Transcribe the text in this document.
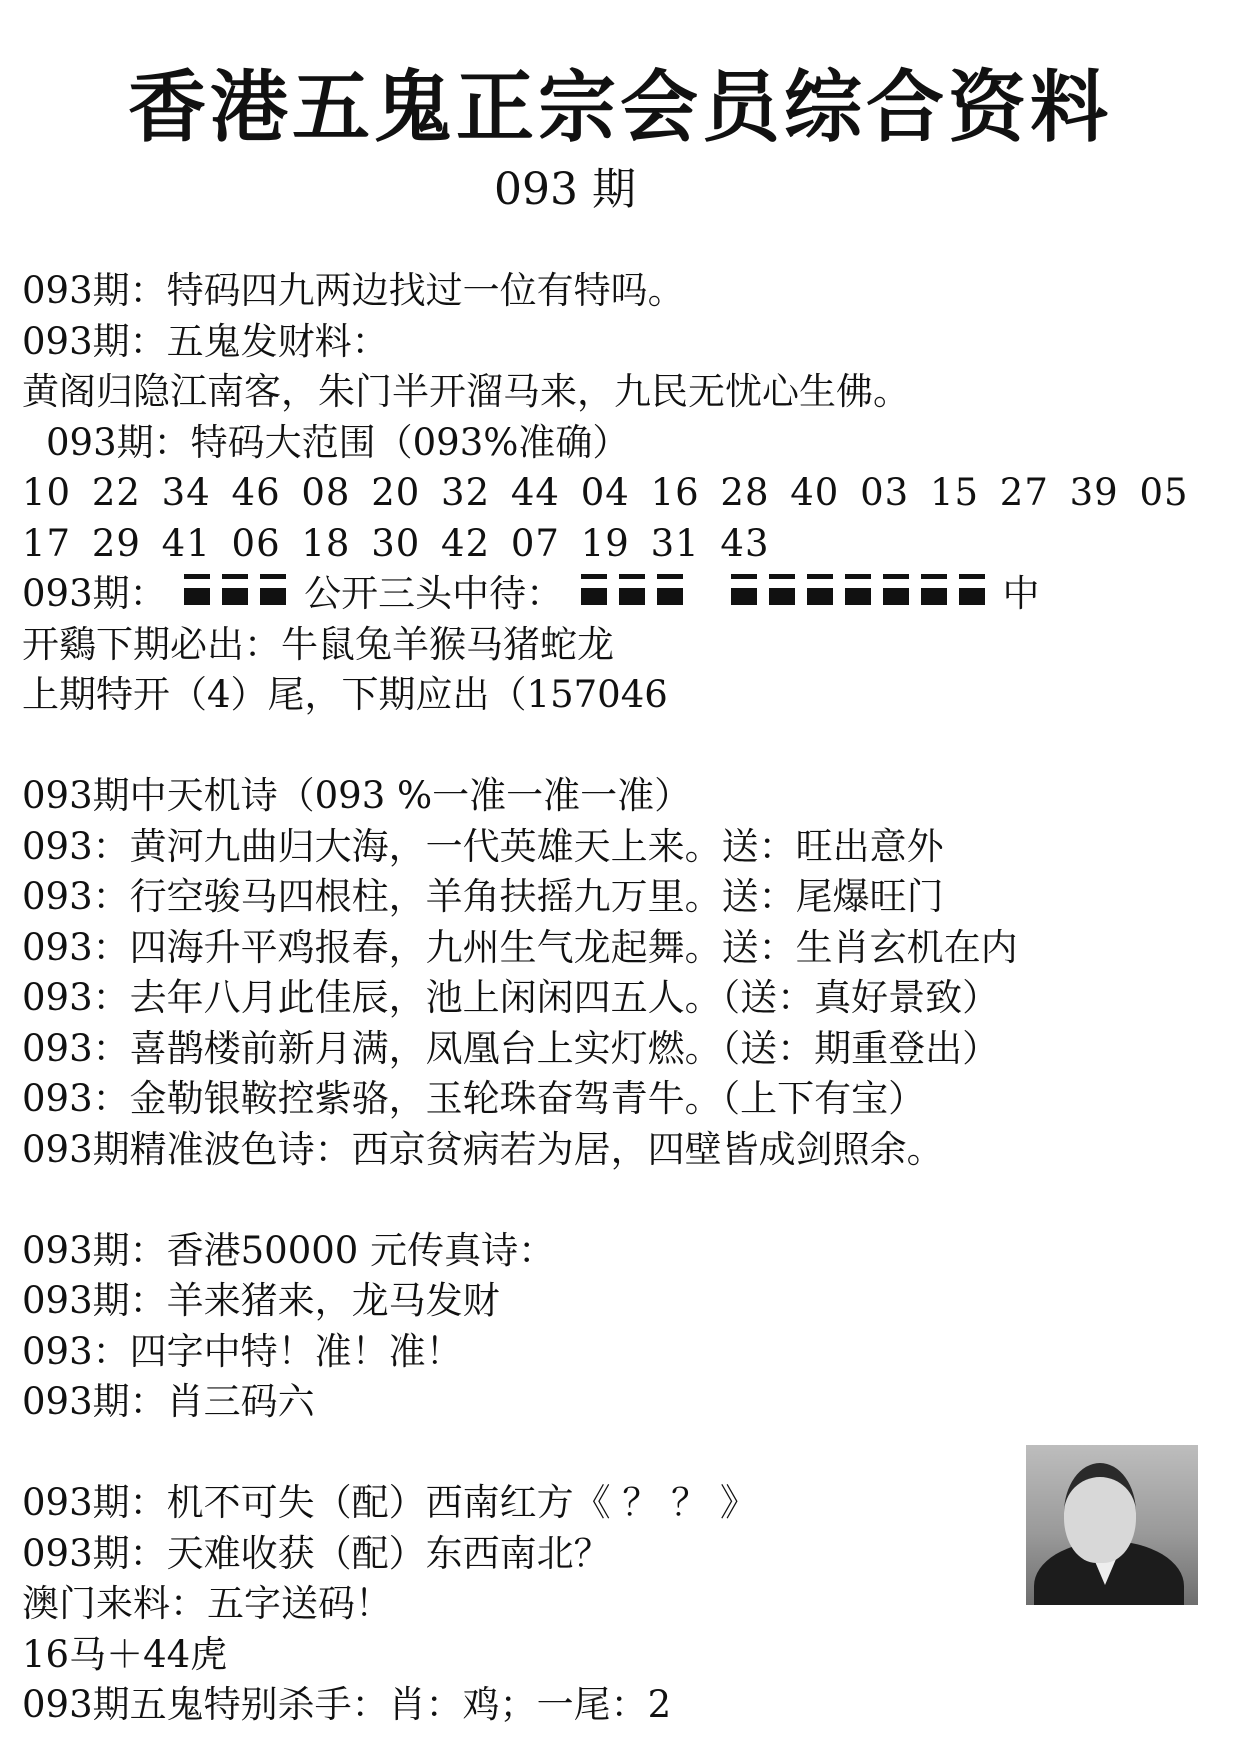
香港五鬼正宗会员综合资料
093 期
093期：特码四九两边找过一位有特吗。
093期：五鬼发财料：
黄阁归隐江南客，朱门半开溜马来，九民无忧心生佛。
093期：特码大范围（093%准确）
10 22 34 46 08 20 32 44 04 16 28 40 03 15 27 39 05
17 29 41 06 18 30 42 07 19 31 43
093期：	公开三头中待：	中
开鷄下期必出：牛鼠兔羊猴马猪蛇龙
上期特开（4）尾，下期应出（157046
093期中天机诗（093 %一准一准一准）
093：黄河九曲归大海，一代英雄天上来。送：旺出意外
093：行空骏马四根柱，羊角扶摇九万里。送：尾爆旺门
093：四海升平鸡报春，九州生气龙起舞。送：生肖玄机在内
093：去年八月此佳辰，池上闲闲四五人。（送：真好景致）
093：喜鹊楼前新月满，凤凰台上实灯燃。（送：期重登出）
093：金勒银鞍控紫骆，玉轮珠奋驾青牛。（上下有宝）
093期精准波色诗：西京贫病若为居，四壁皆成剑照余。
093期：香港50000 元传真诗：
093期：羊来猪来，龙马发财
093：四字中特！准！准！
093期：肖三码六
093期：机不可失（配）西南红方《 ？ ？ 》
093期：天难收获（配）东西南北？
澳门来料：五字送码！
16马＋44虎
093期五鬼特别杀手：肖：鸡；一尾：2
